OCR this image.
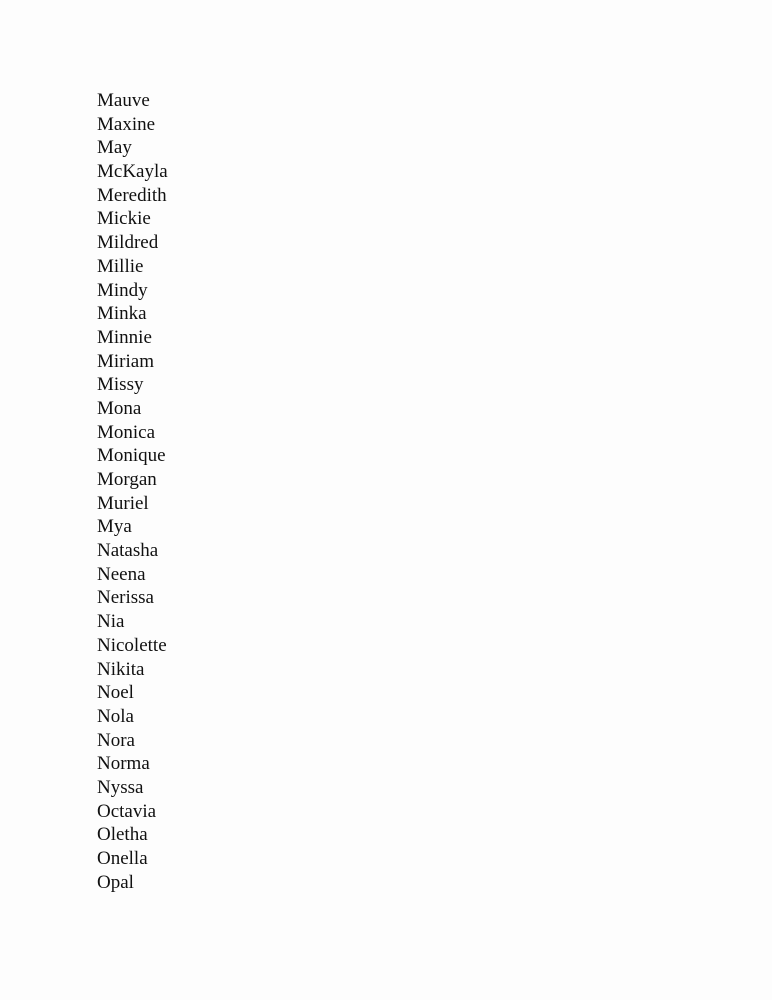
Mauve
Maxine
May
McKayla
Meredith
Mickie
Mildred
Millie
Mindy
Minka
Minnie
Miriam
Missy
Mona
Monica
Monique
Morgan
Muriel
Mya
Natasha
Neena
Nerissa
Nia
Nicolette
Nikita
Noel
Nola
Nora
Norma
Nyssa
Octavia
Oletha
Onella
Opal
